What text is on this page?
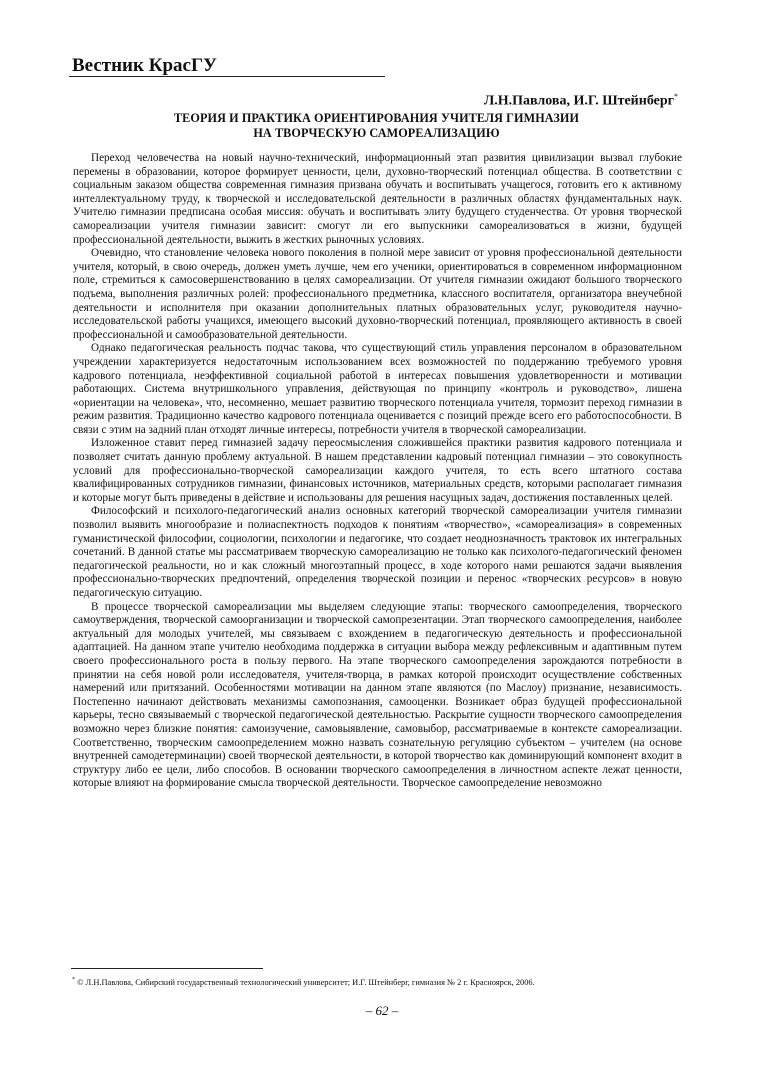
Вестник КрасГУ

Л.Н.Павлова, И.Г. Штейнберг*

ТЕОРИЯ И ПРАКТИКА ОРИЕНТИРОВАНИЯ УЧИТЕЛЯ ГИМНАЗИИ
НА ТВОРЧЕСКУЮ САМОРЕАЛИЗАЦИЮ

Переход человечества на новый научно-технический, информационный этап развития цивилизации вызвал глубокие перемены в образовании, которое формирует ценности, цели, духовно-творческий потенциал общества. В соответствии с социальным заказом общества современная гимназия призвана обучать и воспитывать учащегося, готовить его к активному интеллектуальному труду, к творческой и исследовательской деятельности в различных областях фундаментальных наук. Учителю гимназии предписана особая миссия: обучать и воспитывать элиту будущего студенчества. От уровня творческой самореализации учителя гимназии зависит: смогут ли его выпускники самореализоваться в жизни, будущей профессиональной деятельности, выжить в жестких рыночных условиях.

Очевидно, что становление человека нового поколения в полной мере зависит от уровня профессиональной деятельности учителя, который, в свою очередь, должен уметь лучше, чем его ученики, ориентироваться в современном информационном поле, стремиться к самосовершенствованию в целях самореализации. От учителя гимназии ожидают большого творческого подъема, выполнения различных ролей: профессионального предметника, классного воспитателя, организатора внеучебной деятельности и исполнителя при оказании дополнительных платных образовательных услуг, руководителя научно-исследовательской работы учащихся, имеющего высокий духовно-творческий потенциал, проявляющего активность в своей профессиональной и самообразовательной деятельности.

Однако педагогическая реальность подчас такова, что существующий стиль управления персоналом в образовательном учреждении характеризуется недостаточным использованием всех возможностей по поддержанию требуемого уровня кадрового потенциала, неэффективной социальной работой в интересах повышения удовлетворенности и мотивации работающих. Система внутришкольного управления, действующая по принципу «контроль и руководство», лишена «ориентации на человека», что, несомненно, мешает развитию творческого потенциала учителя, тормозит переход гимназии в режим развития. Традиционно качество кадрового потенциала оценивается с позиций прежде всего его работоспособности. В связи с этим на задний план отходят личные интересы, потребности учителя в творческой самореализации.

Изложенное ставит перед гимназией задачу переосмысления сложившейся практики развития кадрового потенциала и позволяет считать данную проблему актуальной. В нашем представлении кадровый потенциал гимназии – это совокупность условий для профессионально-творческой самореализации каждого учителя, то есть всего штатного состава квалифицированных сотрудников гимназии, финансовых источников, материальных средств, которыми располагает гимназия и которые могут быть приведены в действие и использованы для решения насущных задач, достижения поставленных целей.

Философский и психолого-педагогический анализ основных категорий творческой самореализации учителя гимназии позволил выявить многообразие и полиаспектность подходов к понятиям «творчество», «самореализация» в современных гуманистической философии, социологии, психологии и педагогике, что создает неоднозначность трактовок их интегральных сочетаний. В данной статье мы рассматриваем творческую самореализацию не только как психолого-педагогический феномен педагогической реальности, но и как сложный многоэтапный процесс, в ходе которого нами решаются задачи выявления профессионально-творческих предпочтений, определения творческой позиции и перенос «творческих ресурсов» в новую педагогическую ситуацию.

В процессе творческой самореализации мы выделяем следующие этапы: творческого самоопределения, творческого самоутверждения, творческой самоорганизации и творческой самопрезентации. Этап творческого самоопределения, наиболее актуальный для молодых учителей, мы связываем с вхождением в педагогическую деятельность и профессиональной адаптацией. На данном этапе учителю необходима поддержка в ситуации выбора между рефлексивным и адаптивным путем своего профессионального роста в пользу первого. На этапе творческого самоопределения зарождаются потребности в принятии на себя новой роли исследователя, учителя-творца, в рамках которой происходит осуществление собственных намерений или притязаний. Особенностями мотивации на данном этапе являются (по Маслоу) признание, независимость. Постепенно начинают действовать механизмы самопознания, самооценки. Возникает образ будущей профессиональной карьеры, тесно связываемый с творческой педагогической деятельностью. Раскрытие сущности творческого самоопределения возможно через близкие понятия: самоизучение, самовыявление, самовыбор, рассматриваемые в контексте самореализации. Соответственно, творческим самоопределением можно назвать сознательную регуляцию субъектом – учителем (на основе внутренней самодетерминации) своей творческой деятельности, в которой творчество как доминирующий компонент входит в структуру либо ее цели, либо способов. В основании творческого самоопределения в личностном аспекте лежат ценности, которые влияют на формирование смысла творческой деятельности. Творческое самоопределение невозможно

* © Л.Н.Павлова, Сибирский государственный технологический университет; И.Г. Штейнберг, гимназия № 2 г. Красноярск, 2006.

– 62 –
